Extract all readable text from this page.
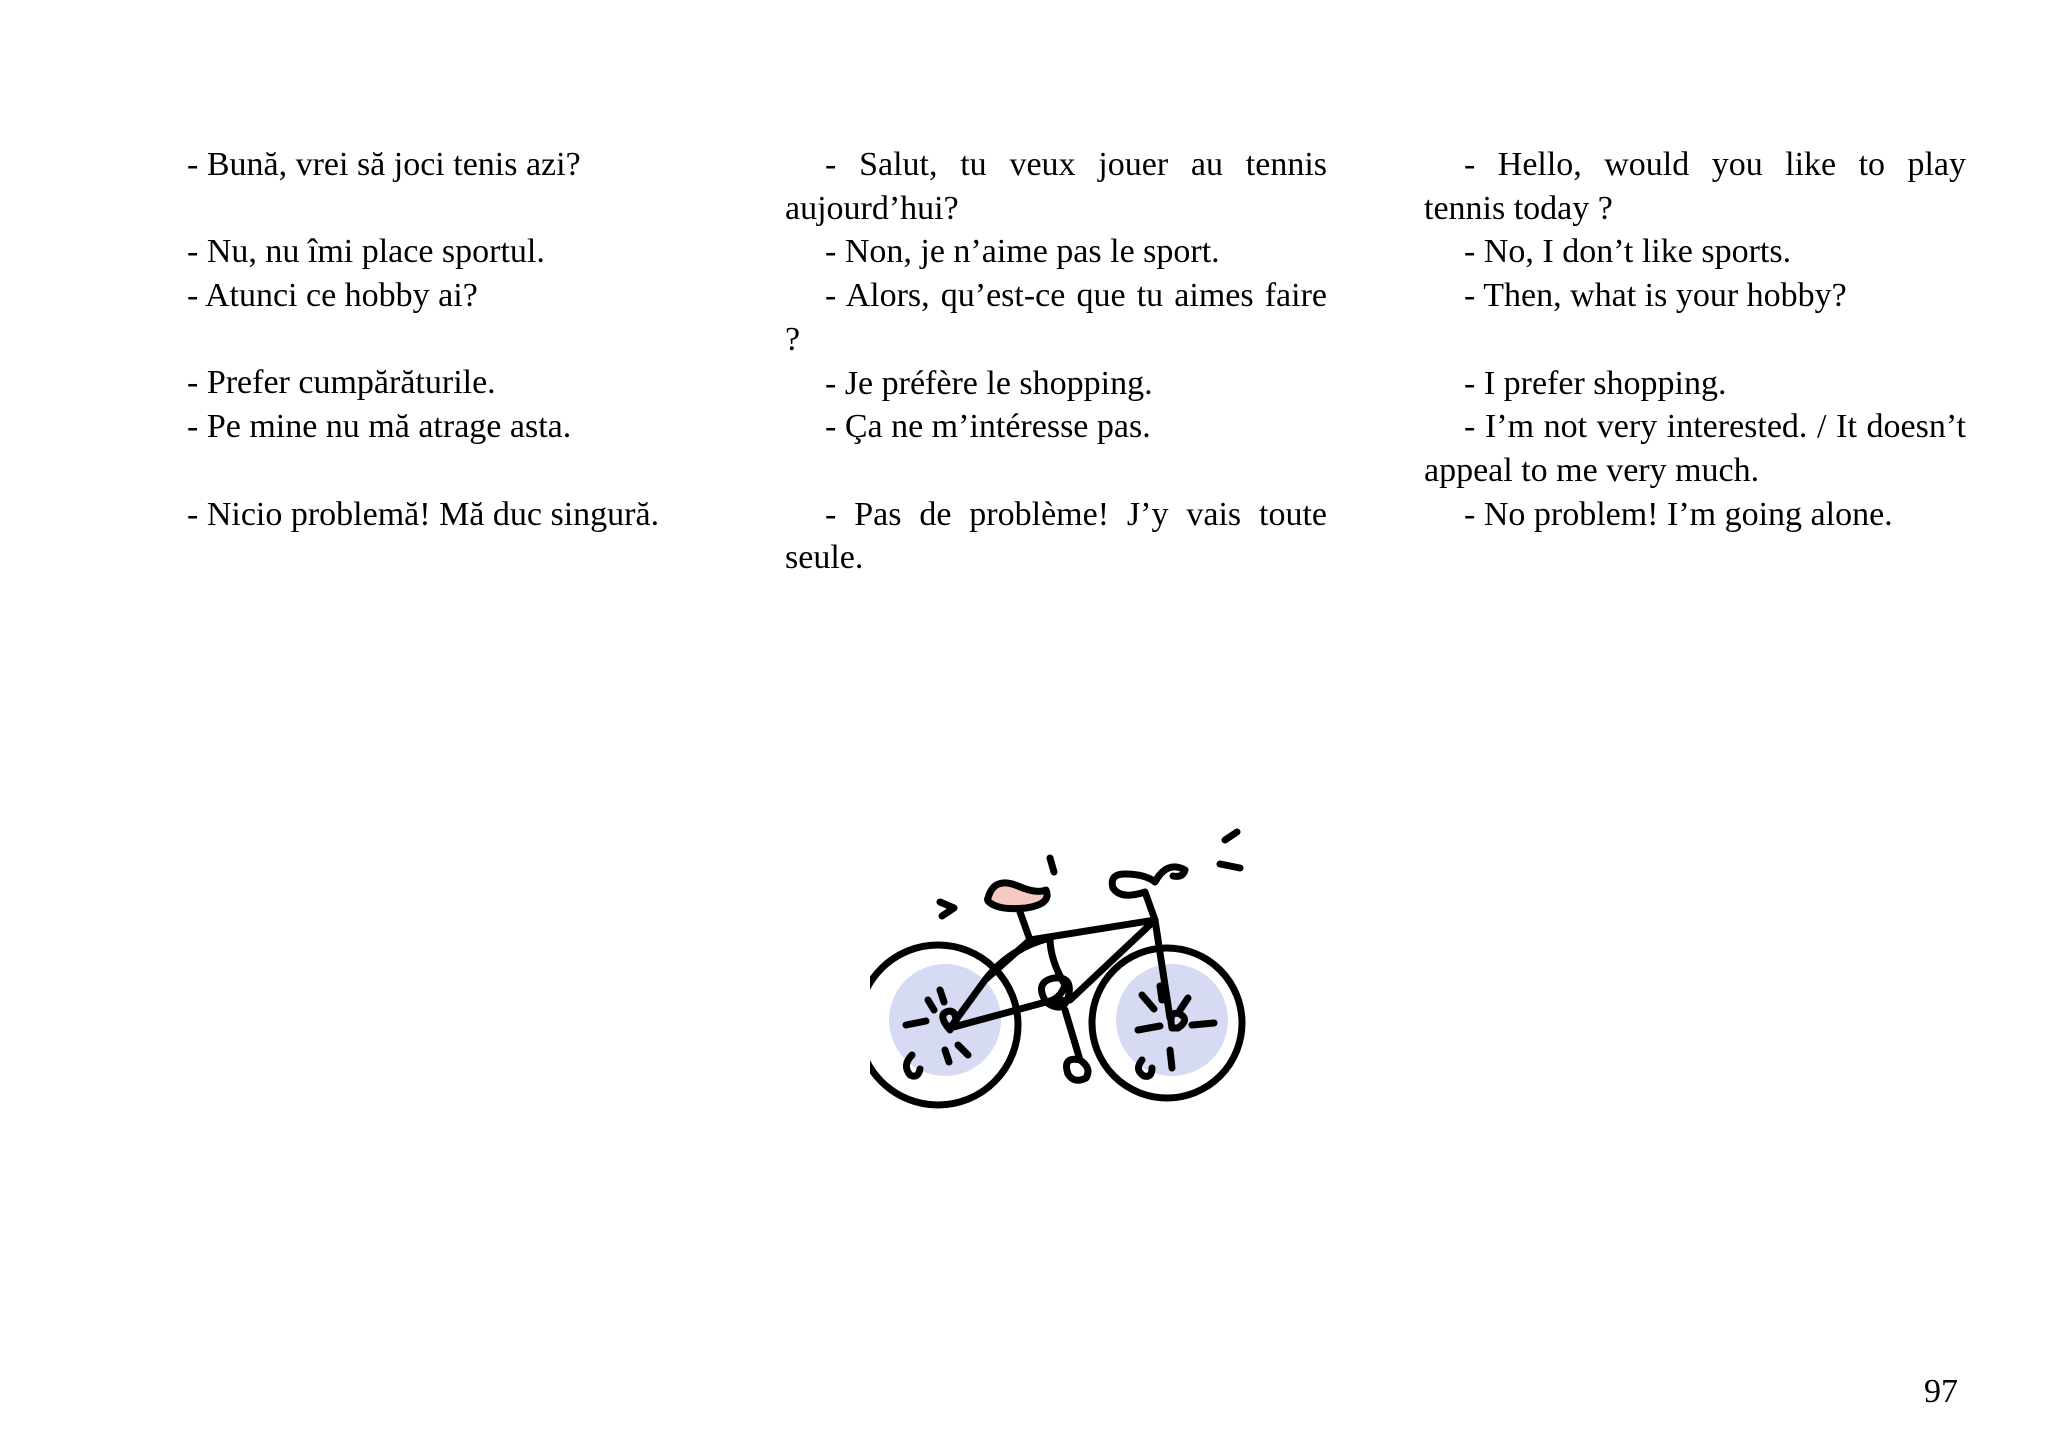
- Bună, vrei să joci tenis azi?

- Nu, nu îmi place sportul.

- Atunci ce hobby ai?

- Prefer cumpărăturile.

- Pe mine nu mă atrage asta.

- Nicio problemă! Mă duc singură.

- Salut, tu veux jouer au tennis aujourd’hui?

- Non, je n’aime pas le sport.

- Alors, qu’est-ce que tu aimes faire ?

- Je préfère le shopping.

- Ça ne m’intéresse pas.

- Pas de problème! J’y vais toute seule.

- Hello, would you like to play tennis today ?

- No, I don’t like sports.

- Then, what is your hobby?

- I prefer shopping.

- I’m not very interested. / It doesn’t appeal to me very much.

- No problem! I’m going alone.

97
